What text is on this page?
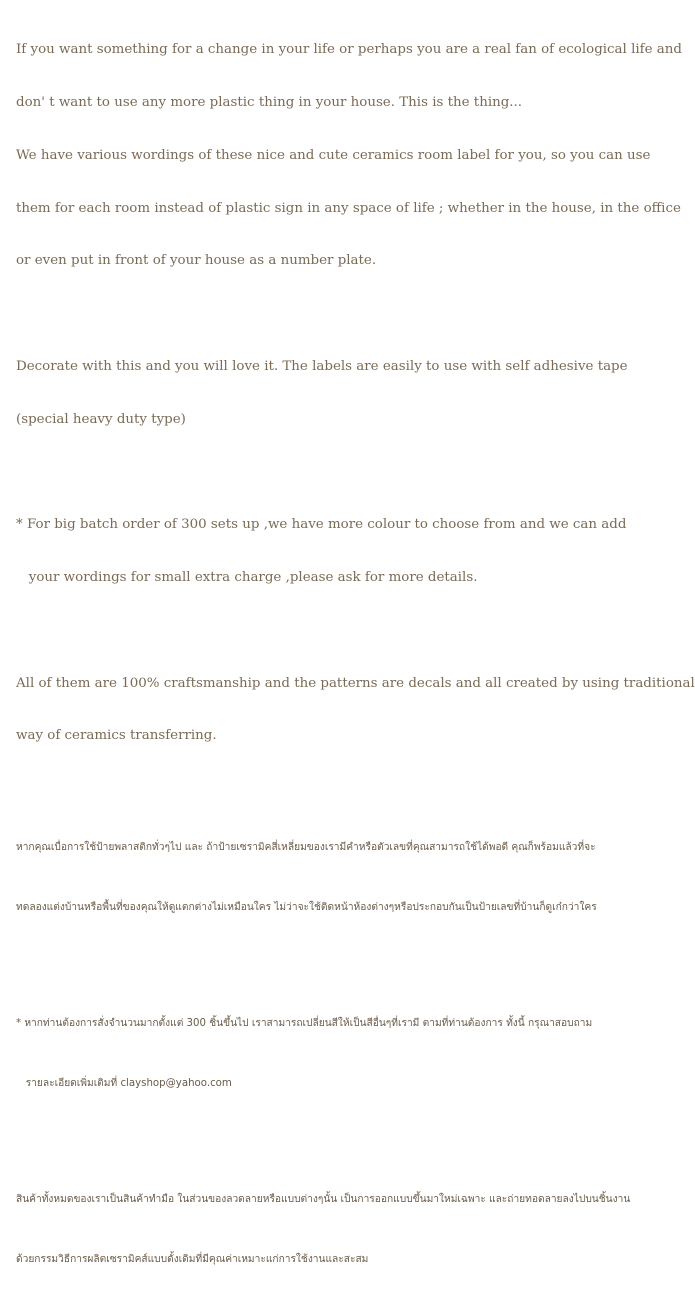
If you want something for a change in your life or perhaps you are a real fan of ecological life and

don' t want to use any more plastic thing in your house. This is the thing...

We have various wordings of these nice and cute ceramics room label for you, so you can use

them for each room instead of plastic sign in any space of life ; whether in the house, in the office

or even put in front of your house as a number plate.

Decorate with this and you will love it. The labels are easily to use with self adhesive tape

(special heavy duty type)

* For big batch order of 300 sets up ,we have more colour to choose from and we can add

your wordings for small extra charge ,please ask for more details.

All of them are 100% craftsmanship and the patterns are decals and all created by using traditional

way of ceramics transferring.

หากคุณเบื่อการใช้ป้ายพลาสติกทั่วๆไป และ ถ้าป้ายเซรามิคสี่เหลี่ยมของเรามีคำหรือตัวเลขที่คุณสามารถใช้ได้พอดี คุณก็พร้อมแล้วที่จะ

ทดลองแต่งบ้านหรือพื้นที่ของคุณให้ดูแตกต่างไม่เหมือนใคร ไม่ว่าจะใช้ติดหน้าห้องต่างๆหรือประกอบกันเป็นป้ายเลขที่บ้านก็ดูเก๋กว่าใคร

* หากท่านต้องการสั่งจำนวนมากตั้งแต่ 300 ชิ้นขึ้นไป เราสามารถเปลี่ยนสีให้เป็นสีอื่นๆที่เรามี ตามที่ท่านต้องการ ทั้งนี้ กรุณาสอบถาม

รายละเอียดเพิ่มเติมที่ clayshop@yahoo.com

สินค้าทั้งหมดของเราเป็นสินค้าทำมือ ในส่วนของลวดลายหรือแบบต่างๆนั้น เป็นการออกแบบขึ้นมาใหม่เฉพาะ และถ่ายทอดลายลงไปบนชิ้นงาน

ด้วยกรรมวิธีการผลิตเซรามิคส์แบบดั้งเดิมที่มีคุณค่าเหมาะแก่การใช้งานและสะสม
